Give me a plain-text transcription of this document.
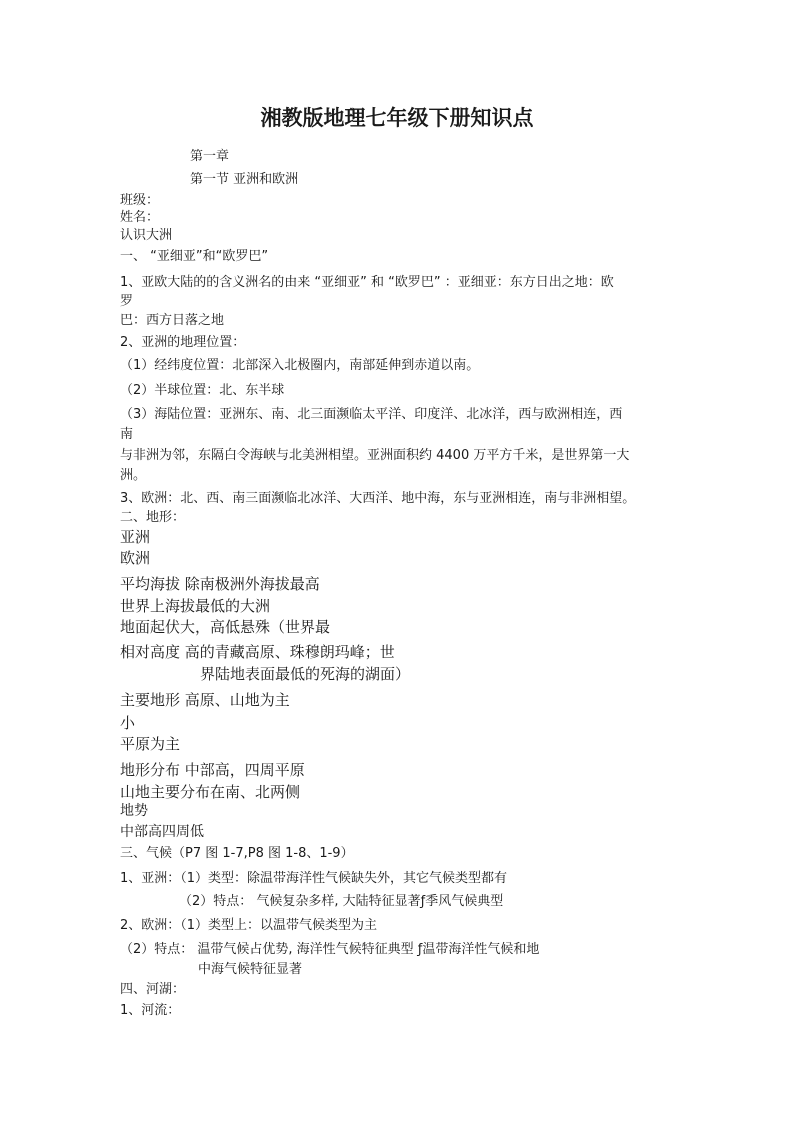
湘教版地理七年级下册知识点
第一章
第一节 亚洲和欧洲
班级：
姓名：
认识大洲
一、 “亚细亚”和“欧罗巴”
1、亚欧大陆的的含义洲名的由来 “亚细亚” 和 “欧罗巴” ：亚细亚：东方日出之地：欧
罗
巴：西方日落之地
2、亚洲的地理位置：
（1）经纬度位置：北部深入北极圈内，南部延伸到赤道以南。
（2）半球位置：北、东半球
（3）海陆位置：亚洲东、南、北三面濒临太平洋、印度洋、北冰洋，西与欧洲相连，西
南
与非洲为邻，东隔白令海峡与北美洲相望。亚洲面积约 4400 万平方千米，是世界第一大
洲。
3、欧洲：北、西、南三面濒临北冰洋、大西洋、地中海，东与亚洲相连，南与非洲相望。
二、地形：
亚洲
欧洲
平均海拔 除南极洲外海拔最高
世界上海拔最低的大洲
地面起伏大，高低悬殊（世界最
相对高度 高的青藏高原、珠穆朗玛峰；世
界陆地表面最低的死海的湖面）
主要地形 高原、山地为主
小
平原为主
地形分布 中部高，四周平原
山地主要分布在南、北两侧
地势
中部高四周低
三、气候（P7 图 1-7,P8 图 1-8、1-9）
1、亚洲：（1）类型：除温带海洋性气候缺失外，其它气候类型都有
（2）特点： 气候复杂多样, 大陆特征显著ƒ季风气候典型
2、欧洲：（1）类型上：以温带气候类型为主
（2）特点： 温带气候占优势, 海洋性气候特征典型 ƒ温带海洋性气候和地
中海气候特征显著
四、河湖：
1、河流：
